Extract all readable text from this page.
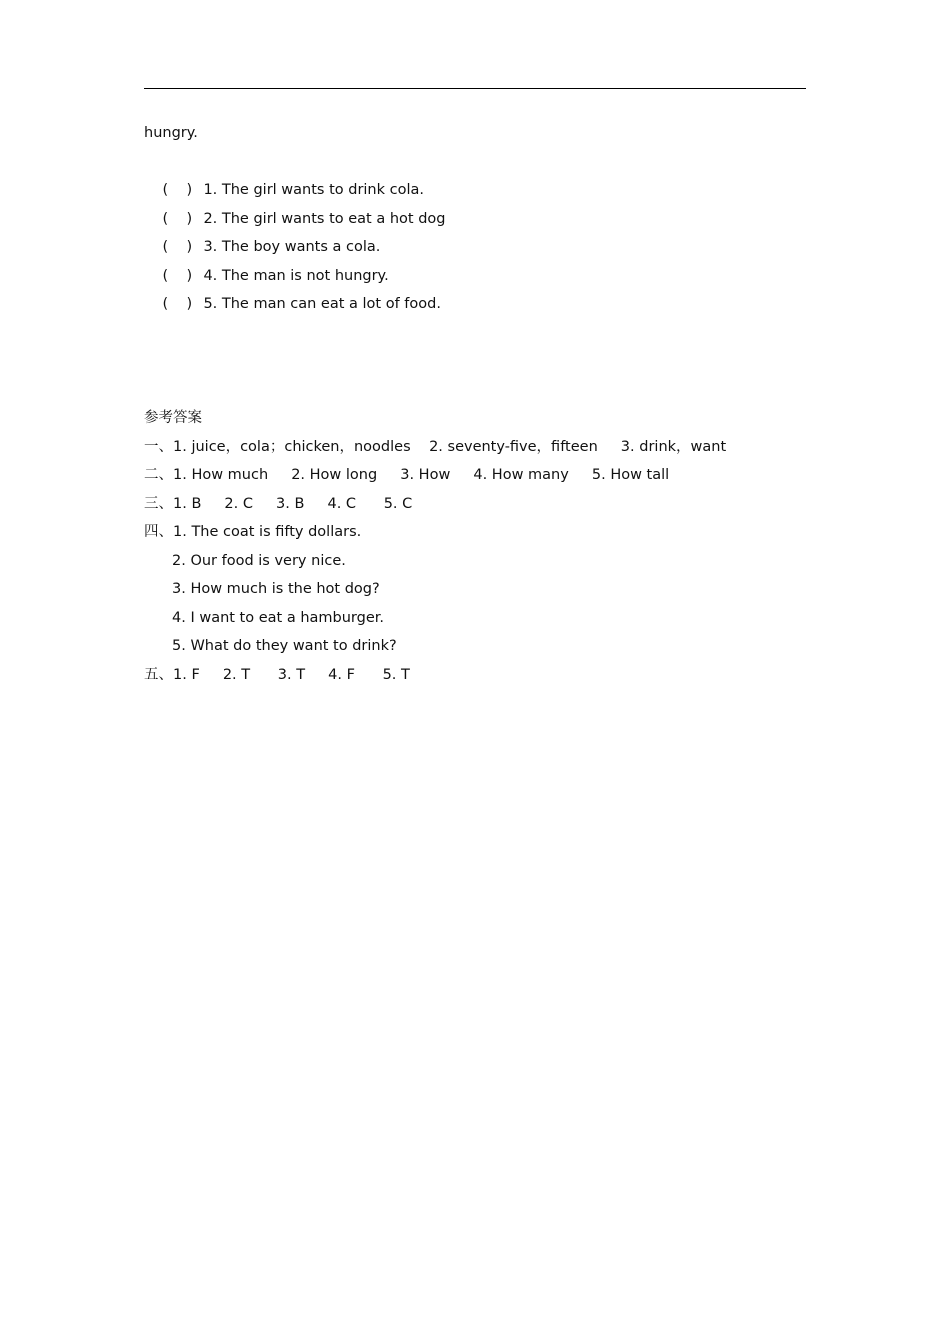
hungry.

(    ) 1. The girl wants to drink cola.

(    ) 2. The girl wants to eat a hot dog

(    ) 3. The boy wants a cola.

(    ) 4. The man is not hungry.

(    ) 5. The man can eat a lot of food.

参考答案
一、1. juice，cola；chicken，noodles    2. seventy-five，fifteen     3. drink，want
二、1. How much     2. How long     3. How     4. How many     5. How tall
三、1. B     2. C     3. B     4. C      5. C
四、1. The coat is fifty dollars.
2. Our food is very nice.
3. How much is the hot dog?
4. I want to eat a hamburger.
5. What do they want to drink?
五、1. F     2. T      3. T     4. F      5. T
